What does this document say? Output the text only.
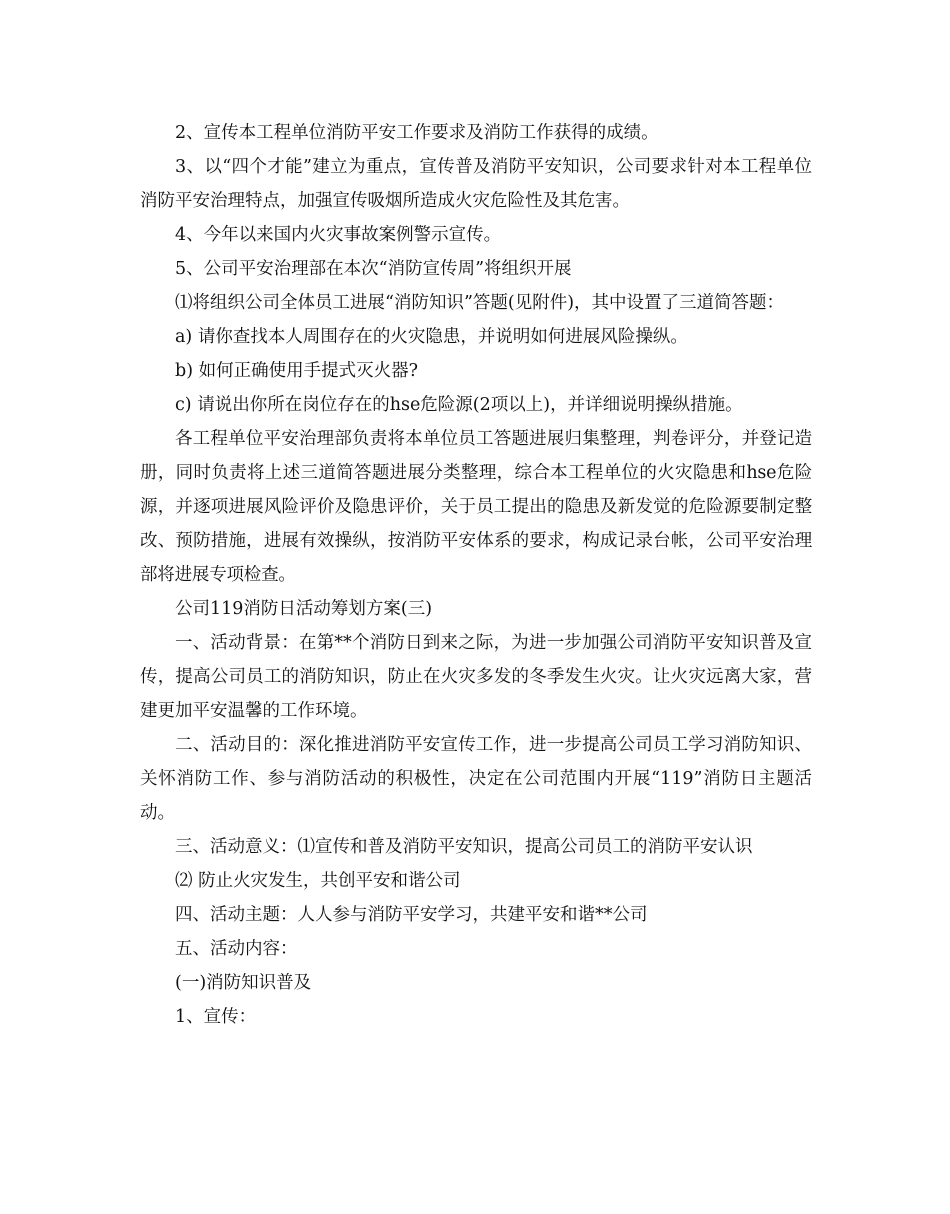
2、宣传本工程单位消防平安工作要求及消防工作获得的成绩。

3、以“四个才能”建立为重点，宣传普及消防平安知识，公司要求针对本工程单位消防平安治理特点，加强宣传吸烟所造成火灾危险性及其危害。

4、今年以来国内火灾事故案例警示宣传。

5、公司平安治理部在本次“消防宣传周”将组织开展

⑴将组织公司全体员工进展“消防知识”答题(见附件)，其中设置了三道简答题：

a) 请你查找本人周围存在的火灾隐患，并说明如何进展风险操纵。

b) 如何正确使用手提式灭火器?

c) 请说出你所在岗位存在的hse危险源(2项以上)，并详细说明操纵措施。

各工程单位平安治理部负责将本单位员工答题进展归集整理，判卷评分，并登记造册，同时负责将上述三道简答题进展分类整理，综合本工程单位的火灾隐患和hse危险源，并逐项进展风险评价及隐患评价，关于员工提出的隐患及新发觉的危险源要制定整改、预防措施，进展有效操纵，按消防平安体系的要求，构成记录台帐，公司平安治理部将进展专项检查。

公司119消防日活动筹划方案(三)

一、活动背景：在第**个消防日到来之际，为进一步加强公司消防平安知识普及宣传，提高公司员工的消防知识，防止在火灾多发的冬季发生火灾。让火灾远离大家，营建更加平安温馨的工作环境。

二、活动目的：深化推进消防平安宣传工作，进一步提高公司员工学习消防知识、关怀消防工作、参与消防活动的积极性，决定在公司范围内开展“119”消防日主题活动。

三、活动意义：⑴宣传和普及消防平安知识，提高公司员工的消防平安认识

⑵ 防止火灾发生，共创平安和谐公司

四、活动主题：人人参与消防平安学习，共建平安和谐**公司

五、活动内容：

(一)消防知识普及

1、宣传：
